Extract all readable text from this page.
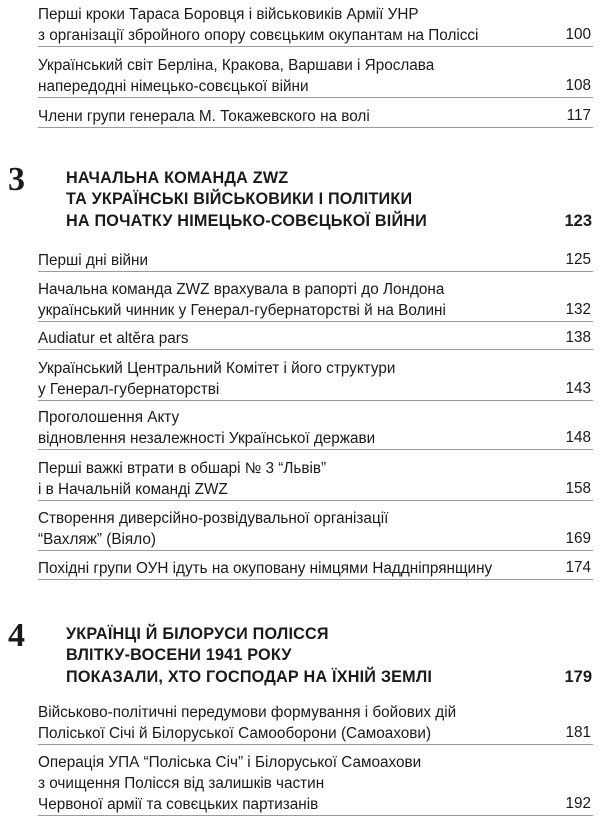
Перші кроки Тараса Боровця і військовиків Армії УНР
з організації збройного опору совєцьким окупантам на Поліссі	100
Український світ Берліна, Кракова, Варшави і Ярослава
напередодні німецько-совєцької війни	108
Члени групи генерала М. Токажевского на волі	117
3	НАЧАЛЬНА КОМАНДА ZWZ
ТА УКРАЇНСЬКІ ВІЙСЬКОВИКИ І ПОЛІТИКИ
НА ПОЧАТКУ НІМЕЦЬКО-СОВЄЦЬКОЇ ВІЙНИ	123
Перші дні війни	125
Начальна команда ZWZ врахувала в рапорті до Лондона
український чинник у Генерал-губернаторстві й на Волині	132
Audiatur et altĕra pars	138
Український Центральний Комітет і його структури
у Генерал-губернаторстві	143
Проголошення Акту
відновлення незалежності Української держави	148
Перші важкі втрати в обшарі № 3 “Львів”
і в Начальній команді ZWZ	158
Створення диверсійно-розвідувальної організації
“Вахляж” (Віяло)	169
Похідні групи ОУН ідуть на окуповану німцями Наддніпрянщину	174
4	УКРАЇНЦІ Й БІЛОРУСИ ПОЛІССЯ
ВЛІТКУ-ВОСЕНИ 1941 РОКУ
ПОКАЗАЛИ, ХТО ГОСПОДАР НА ЇХНІЙ ЗЕМЛІ	179
Військово-політичні передумови формування і бойових дій
Поліської Січі й Білоруської Самооборони (Самоахови)	181
Операція УПА “Поліська Січ” і Білоруської Самоахови
з очищення Полісся від залишків частин
Червоної армії та совєцьких партизанів	192
